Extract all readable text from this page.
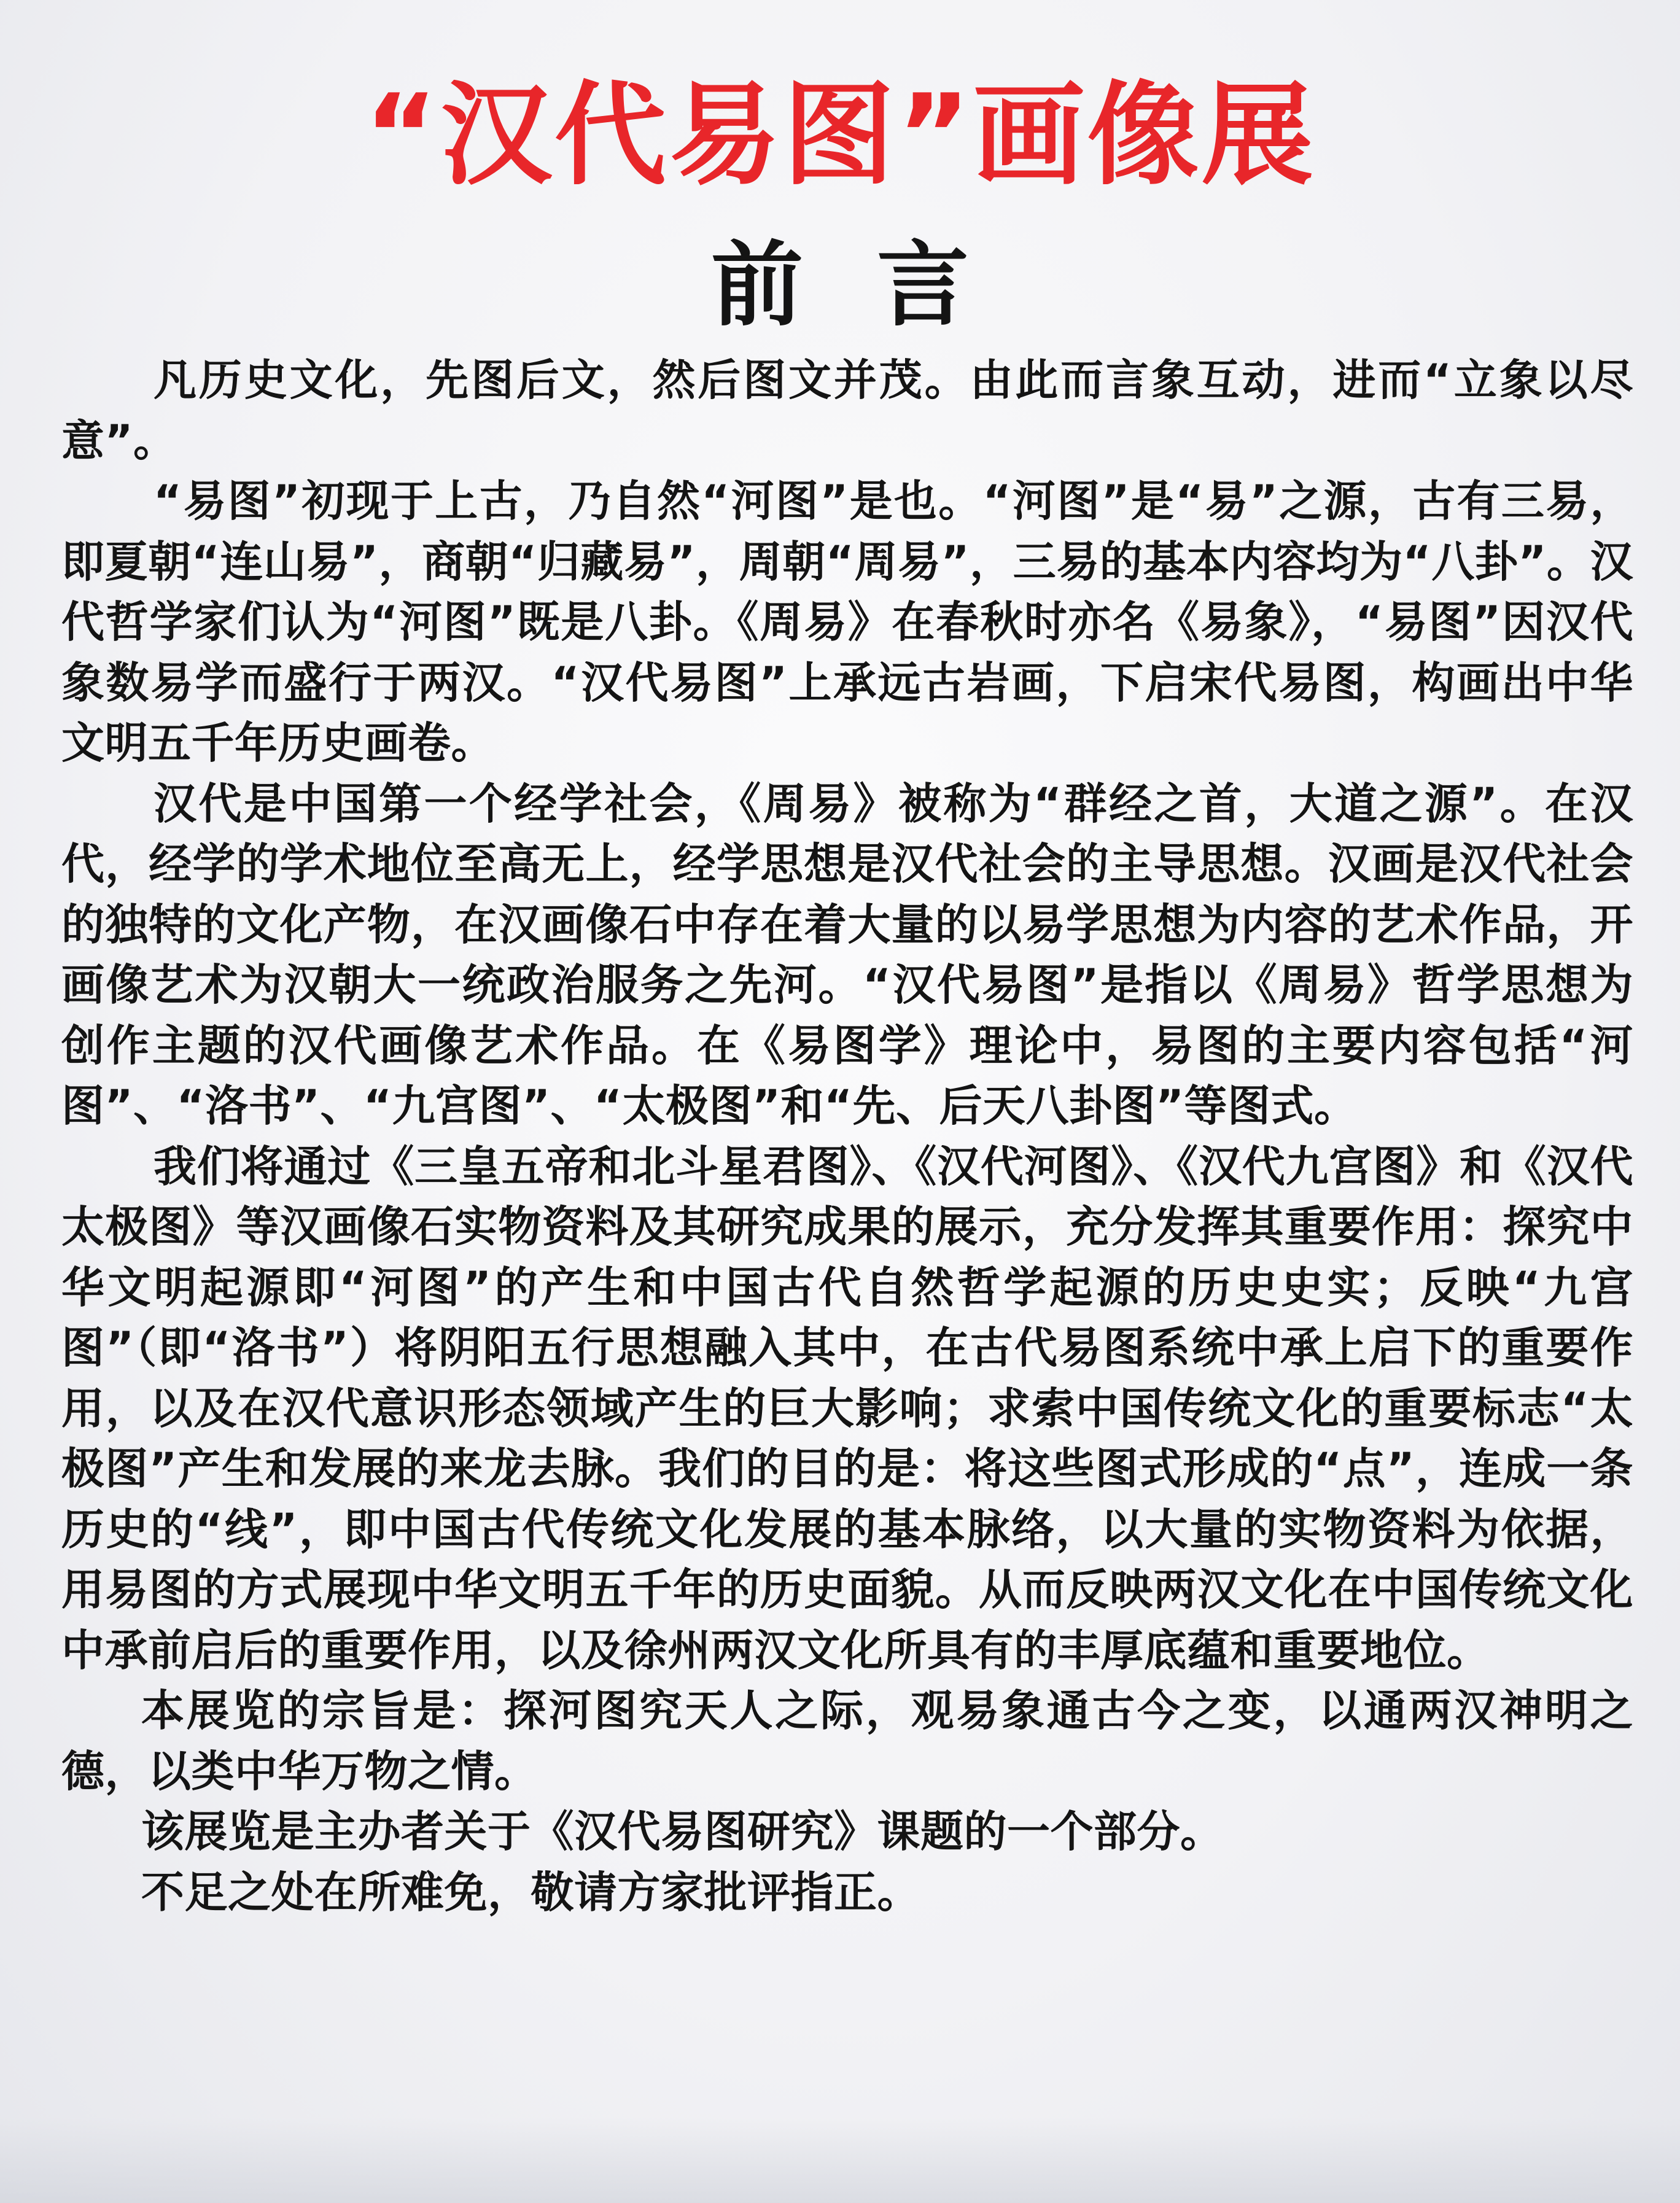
“汉代易图”画像展
前言

凡历史文化，先图后文，然后图文并茂。由此而言象互动，进而“立象以尽意”。

“易图”初现于上古，乃自然“河图”是也。“河图”是“易”之源，古有三易，即夏朝“连山易”，商朝“归藏易”，周朝“周易”，三易的基本内容均为“八卦”。汉代哲学家们认为“河图”既是八卦。《周易》在春秋时亦名《易象》，“易图”因汉代象数易学而盛行于两汉。“汉代易图”上承远古岩画，下启宋代易图，构画出中华文明五千年历史画卷。

汉代是中国第一个经学社会，《周易》被称为“群经之首，大道之源”。在汉代，经学的学术地位至高无上，经学思想是汉代社会的主导思想。汉画是汉代社会的独特的文化产物，在汉画像石中存在着大量的以易学思想为内容的艺术作品，开画像艺术为汉朝大一统政治服务之先河。“汉代易图”是指以《周易》哲学思想为创作主题的汉代画像艺术作品。在《易图学》理论中，易图的主要内容包括“河图”、“洛书”、“九宫图”、“太极图”和“先、后天八卦图”等图式。

我们将通过《三皇五帝和北斗星君图》、《汉代河图》、《汉代九宫图》和《汉代太极图》等汉画像石实物资料及其研究成果的展示，充分发挥其重要作用：探究中华文明起源即“河图”的产生和中国古代自然哲学起源的历史史实；反映“九宫图”（即“洛书”）将阴阳五行思想融入其中，在古代易图系统中承上启下的重要作用，以及在汉代意识形态领域产生的巨大影响；求索中国传统文化的重要标志“太极图”产生和发展的来龙去脉。我们的目的是：将这些图式形成的“点”，连成一条历史的“线”，即中国古代传统文化发展的基本脉络，以大量的实物资料为依据，用易图的方式展现中华文明五千年的历史面貌。从而反映两汉文化在中国传统文化中承前启后的重要作用，以及徐州两汉文化所具有的丰厚底蕴和重要地位。

本展览的宗旨是：探河图究天人之际，观易象通古今之变，以通两汉神明之德，以类中华万物之情。

该展览是主办者关于《汉代易图研究》课题的一个部分。

不足之处在所难免，敬请方家批评指正。
